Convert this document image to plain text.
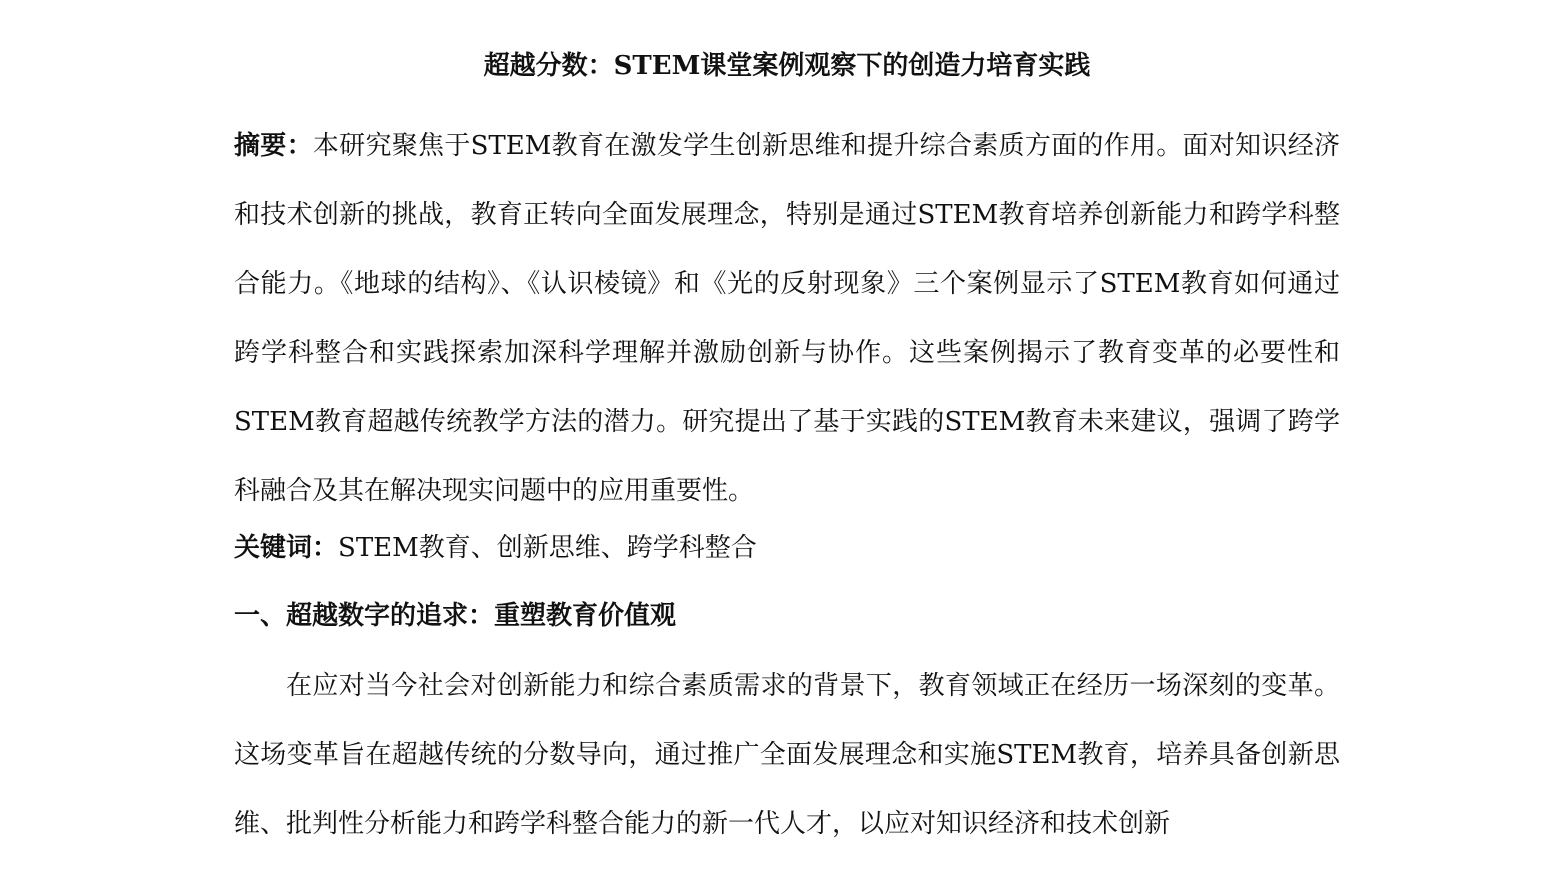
超越分数：STEM课堂案例观察下的创造力培育实践

摘要：本研究聚焦于STEM教育在激发学生创新思维和提升综合素质方面的作用。面对知识经济和技术创新的挑战，教育正转向全面发展理念，特别是通过STEM教育培养创新能力和跨学科整合能力。《地球的结构》、《认识棱镜》和《光的反射现象》三个案例显示了STEM教育如何通过跨学科整合和实践探索加深科学理解并激励创新与协作。这些案例揭示了教育变革的必要性和STEM教育超越传统教学方法的潜力。研究提出了基于实践的STEM教育未来建议，强调了跨学科融合及其在解决现实问题中的应用重要性。

关键词：STEM教育、创新思维、跨学科整合

一、超越数字的追求：重塑教育价值观

在应对当今社会对创新能力和综合素质需求的背景下，教育领域正在经历一场深刻的变革。这场变革旨在超越传统的分数导向，通过推广全面发展理念和实施STEM教育，培养具备创新思维、批判性分析能力和跨学科整合能力的新一代人才，以应对知识经济和技术创新
